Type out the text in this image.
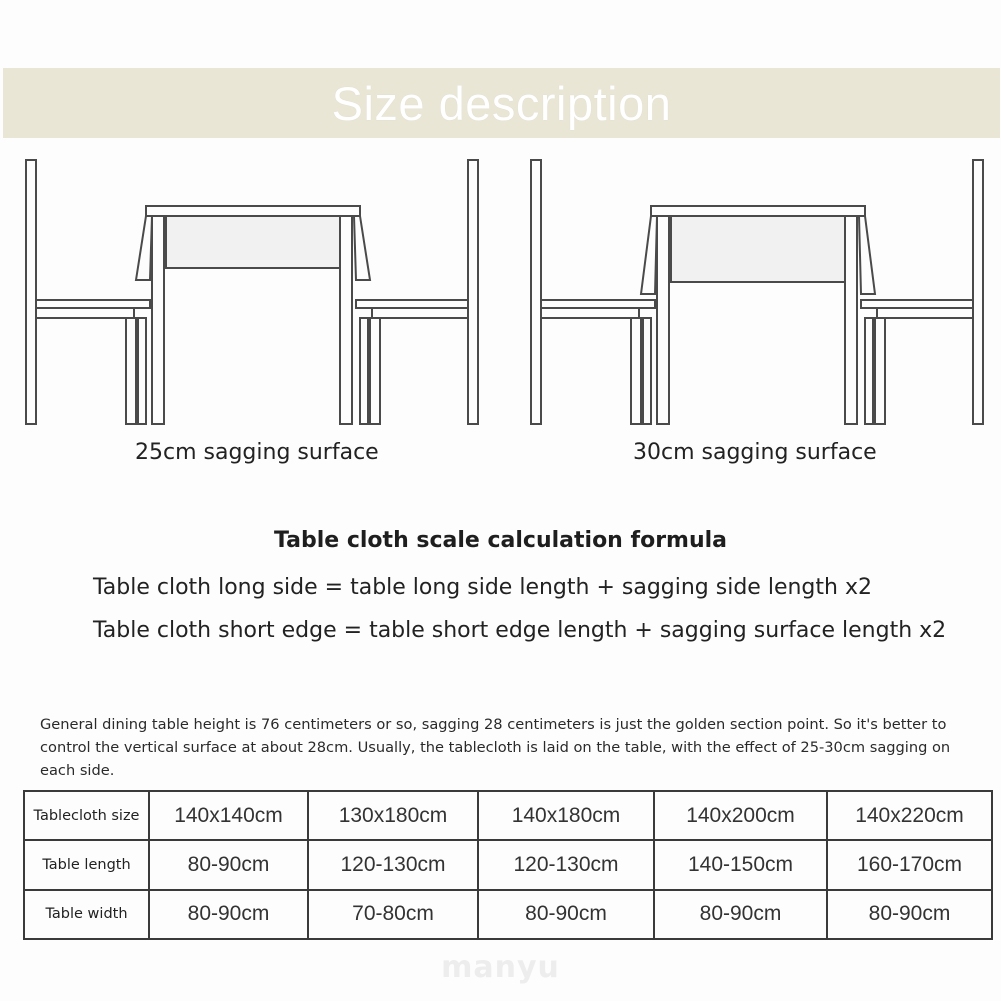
Size description
25cm sagging surface	30cm sagging surface
Table cloth scale calculation formula
Table cloth long side = table long side length + sagging side length x2
Table cloth short edge = table short edge length + sagging surface length x2
General dining table height is 76 centimeters or so, sagging 28 centimeters is just the golden section point. So it's better to control the vertical surface at about 28cm. Usually, the tablecloth is laid on the table, with the effect of 25-30cm sagging on each side.
Tablecloth size	140x140cm	130x180cm	140x180cm	140x200cm	140x220cm
Table length	80-90cm	120-130cm	120-130cm	140-150cm	160-170cm
Table width	80-90cm	70-80cm	80-90cm	80-90cm	80-90cm
manyu
